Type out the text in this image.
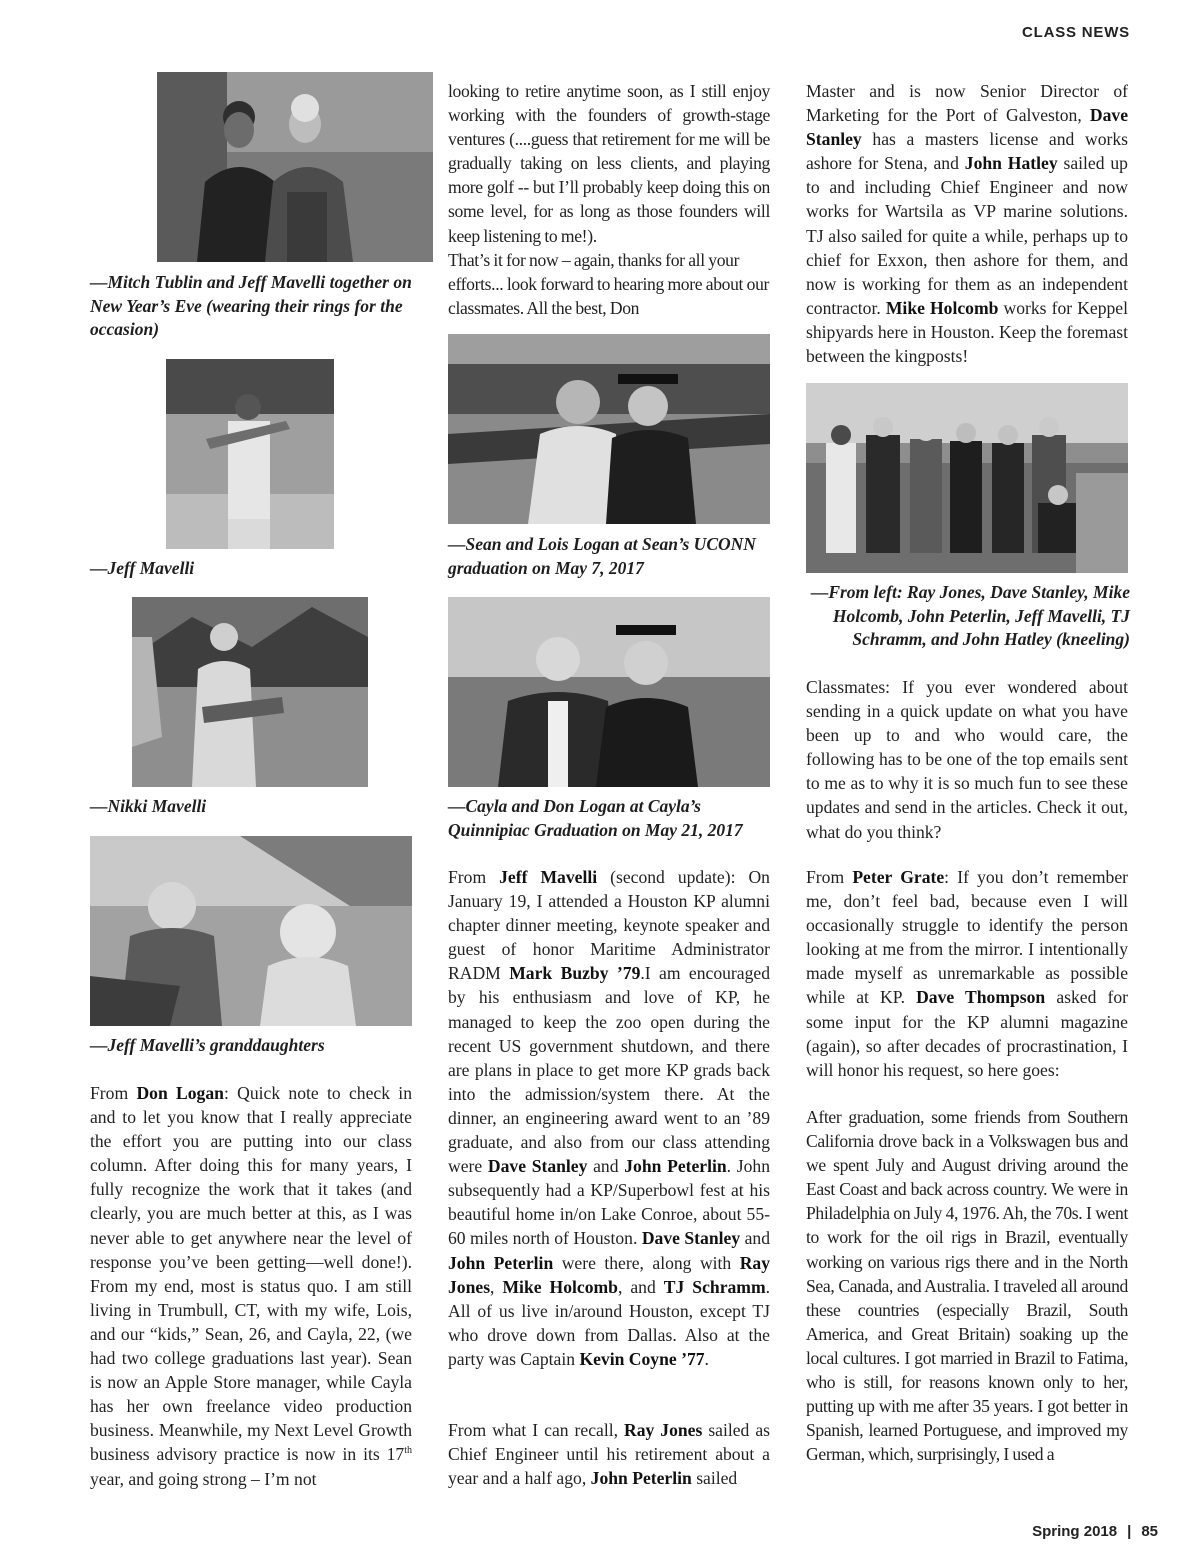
CLASS NEWS
—Mitch Tublin and Jeff Mavelli together on New Year’s Eve (wearing their rings for the occasion)
—Jeff Mavelli
—Nikki Mavelli
—Jeff Mavelli’s granddaughters

From Don Logan: Quick note to check in and to let you know that I really appreciate the effort you are putting into our class column. After doing this for many years, I fully recognize the work that it takes (and clearly, you are much better at this, as I was never able to get anywhere near the level of response you’ve been getting—well done!). From my end, most is status quo. I am still living in Trumbull, CT, with my wife, Lois, and our “kids,” Sean, 26, and Cayla, 22, (we had two college graduations last year). Sean is now an Apple Store manager, while Cayla has her own freelance video production business. Meanwhile, my Next Level Growth business advisory practice is now in its 17th year, and going strong – I’m not

looking to retire anytime soon, as I still enjoy working with the founders of growth-stage ventures (....guess that retirement for me will be gradually taking on less clients, and playing more golf -- but I’ll probably keep doing this on some level, for as long as those founders will keep listening to me!).

That’s it for now – again, thanks for all your efforts... look forward to hearing more about our classmates. All the best, Don

—Sean and Lois Logan at Sean’s UCONN graduation on May 7, 2017
—Cayla and Don Logan at Cayla’s Quinnipiac Graduation on May 21, 2017

From Jeff Mavelli (second update): On January 19, I attended a Houston KP alumni chapter dinner meeting, keynote speaker and guest of honor Maritime Administrator RADM Mark Buzby ’79.I am encouraged by his enthusiasm and love of KP, he managed to keep the zoo open during the recent US government shutdown, and there are plans in place to get more KP grads back into the admission/system there. At the dinner, an engineering award went to an ’89 graduate, and also from our class attending were Dave Stanley and John Peterlin. John subsequently had a KP/Superbowl fest at his beautiful home in/on Lake Conroe, about 55-60 miles north of Houston. Dave Stanley and John Peterlin were there, along with Ray Jones, Mike Holcomb, and TJ Schramm. All of us live in/around Houston, except TJ who drove down from Dallas. Also at the party was Captain Kevin Coyne ’77.

From what I can recall, Ray Jones sailed as Chief Engineer until his retirement about a year and a half ago, John Peterlin sailed

Master and is now Senior Director of Marketing for the Port of Galveston, Dave Stanley has a masters license and works ashore for Stena, and John Hatley sailed up to and including Chief Engineer and now works for Wartsila as VP marine solutions. TJ also sailed for quite a while, perhaps up to chief for Exxon, then ashore for them, and now is working for them as an independent contractor. Mike Holcomb works for Keppel shipyards here in Houston. Keep the foremast between the kingposts!

—From left: Ray Jones, Dave Stanley, Mike Holcomb, John Peterlin, Jeff Mavelli, TJ Schramm, and John Hatley (kneeling)
Classmates: If you ever wondered about sending in a quick update on what you have been up to and who would care, the following has to be one of the top emails sent to me as to why it is so much fun to see these updates and send in the articles. Check it out, what do you think?

From Peter Grate: If you don’t remember me, don’t feel bad, because even I will occasionally struggle to identify the person looking at me from the mirror. I intentionally made myself as unremarkable as possible while at KP. Dave Thompson asked for some input for the KP alumni magazine (again), so after decades of procrastination, I will honor his request, so here goes:

After graduation, some friends from Southern California drove back in a Volkswagen bus and we spent July and August driving around the East Coast and back across country. We were in Philadelphia on July 4, 1976. Ah, the 70s. I went to work for the oil rigs in Brazil, eventually working on various rigs there and in the North Sea, Canada, and Australia. I traveled all around these countries (especially Brazil, South America, and Great Britain) soaking up the local cultures. I got married in Brazil to Fatima, who is still, for reasons known only to her, putting up with me after 35 years. I got better in Spanish, learned Portuguese, and improved my German, which, surprisingly, I used a
Spring 2018 | 85
